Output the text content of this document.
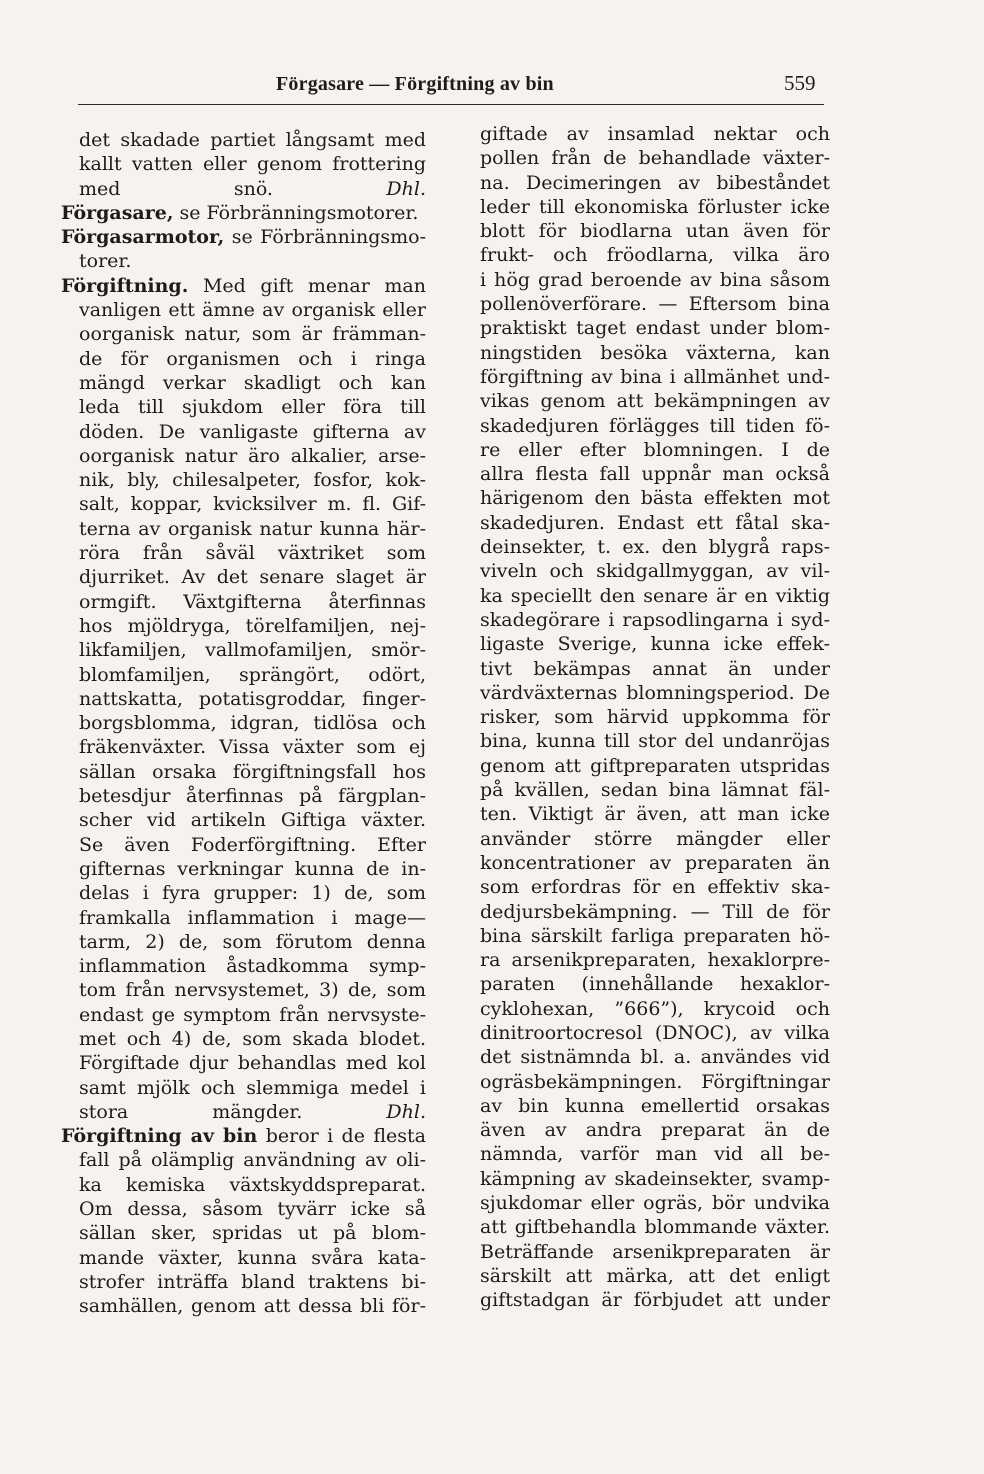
Förgasare — Förgiftning av bin	559
det skadade partiet långsamt med
kallt vatten eller genom frottering
med snö.	Dhl.
Förgasare, se Förbränningsmotorer.
Förgasarmotor, se Förbränningsmo-
torer.
Förgiftning. Med gift menar man
vanligen ett ämne av organisk eller
oorganisk natur, som är främman-
de för organismen och i ringa
mängd verkar skadligt och kan
leda till sjukdom eller föra till
döden. De vanligaste gifterna av
oorganisk natur äro alkalier, arse-
nik, bly, chilesalpeter, fosfor, kok-
salt, koppar, kvicksilver m. fl. Gif-
terna av organisk natur kunna här-
röra från såväl växtriket som
djurriket. Av det senare slaget är
ormgift. Växtgifterna återfinnas
hos mjöldryga, törelfamiljen, nej-
likfamiljen, vallmofamiljen, smör-
blomfamiljen, sprängört, odört,
nattskatta, potatisgroddar, finger-
borgsblomma, idgran, tidlösa och
fräkenväxter. Vissa växter som ej
sällan orsaka förgiftningsfall hos
betesdjur återfinnas på färgplan-
scher vid artikeln Giftiga växter.
Se även Foderförgiftning. Efter
gifternas verkningar kunna de in-
delas i fyra grupper: 1) de, som
framkalla inflammation i mage—
tarm, 2) de, som förutom denna
inflammation åstadkomma symp-
tom från nervsystemet, 3) de, som
endast ge symptom från nervsyste-
met och 4) de, som skada blodet.
Förgiftade djur behandlas med kol
samt mjölk och slemmiga medel i
stora mängder.	Dhl.
Förgiftning av bin beror i de flesta
fall på olämplig användning av oli-
ka kemiska växtskyddspreparat.
Om dessa, såsom tyvärr icke så
sällan sker, spridas ut på blom-
mande växter, kunna svåra kata-
strofer inträffa bland traktens bi-
samhällen, genom att dessa bli för-
giftade av insamlad nektar och
pollen från de behandlade växter-
na. Decimeringen av bibeståndet
leder till ekonomiska förluster icke
blott för biodlarna utan även för
frukt- och fröodlarna, vilka äro
i hög grad beroende av bina såsom
pollenöverförare. — Eftersom bina
praktiskt taget endast under blom-
ningstiden besöka växterna, kan
förgiftning av bina i allmänhet und-
vikas genom att bekämpningen av
skadedjuren förlägges till tiden fö-
re eller efter blomningen. I de
allra flesta fall uppnår man också
härigenom den bästa effekten mot
skadedjuren. Endast ett fåtal ska-
deinsekter, t. ex. den blygrå raps-
viveln och skidgallmyggan, av vil-
ka speciellt den senare är en viktig
skadegörare i rapsodlingarna i syd-
ligaste Sverige, kunna icke effek-
tivt bekämpas annat än under
värdväxternas blomningsperiod. De
risker, som härvid uppkomma för
bina, kunna till stor del undanröjas
genom att giftpreparaten utspridas
på kvällen, sedan bina lämnat fäl-
ten. Viktigt är även, att man icke
använder större mängder eller
koncentrationer av preparaten än
som erfordras för en effektiv ska-
dedjursbekämpning. — Till de för
bina särskilt farliga preparaten hö-
ra arsenikpreparaten, hexaklorpre-
paraten (innehållande hexaklor-
cyklohexan, ”666”), krycoid och
dinitroortocresol (DNOC), av vilka
det sistnämnda bl. a. användes vid
ogräsbekämpningen. Förgiftningar
av bin kunna emellertid orsakas
även av andra preparat än de
nämnda, varför man vid all be-
kämpning av skadeinsekter, svamp-
sjukdomar eller ogräs, bör undvika
att giftbehandla blommande växter.
Beträffande arsenikpreparaten är
särskilt att märka, att det enligt
giftstadgan är förbjudet att under
